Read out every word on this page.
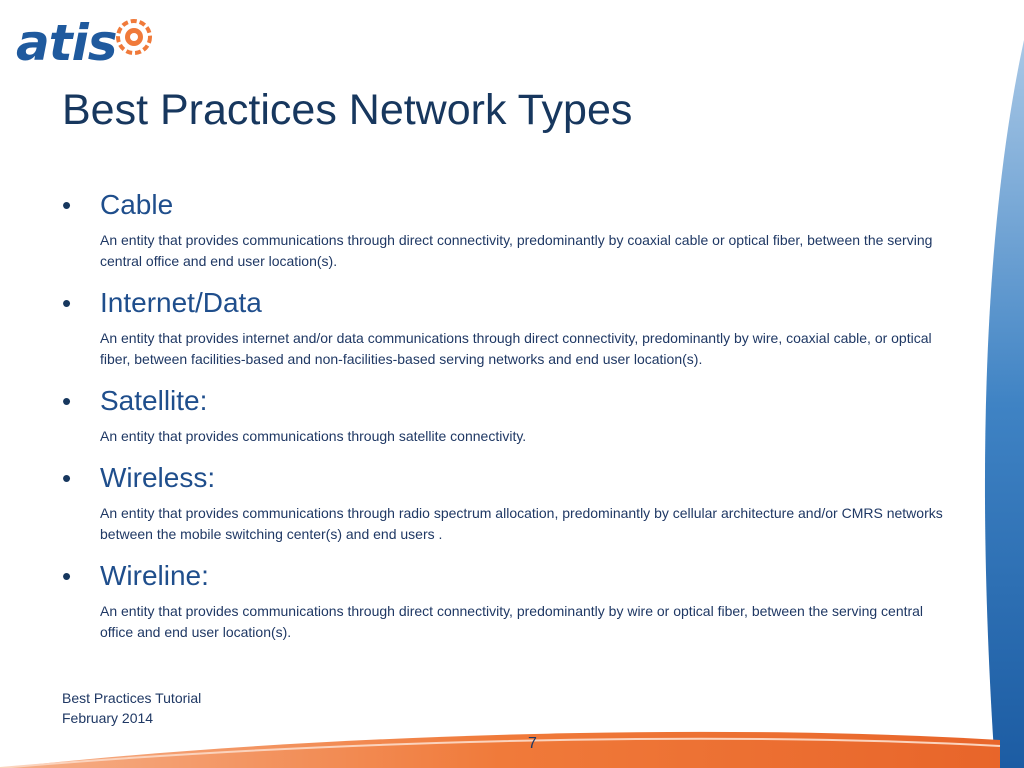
atis
Best Practices Network Types
•	Cable
An entity that provides communications through direct connectivity, predominantly by coaxial cable or optical fiber, between the serving central office and end user location(s).
•	Internet/Data
An entity that provides internet and/or data communications through direct connectivity, predominantly by wire, coaxial cable, or optical fiber, between facilities-based and non-facilities-based serving networks and end user location(s).
•	Satellite:
An entity that provides communications through satellite connectivity.
•	Wireless:
An entity that provides communications through radio spectrum allocation, predominantly by cellular architecture and/or CMRS networks between the mobile switching center(s) and end users .
•	Wireline:
An entity that provides communications through direct connectivity, predominantly by wire or optical fiber, between the serving central office and end user location(s).
Best Practices Tutorial
February 2014
7
